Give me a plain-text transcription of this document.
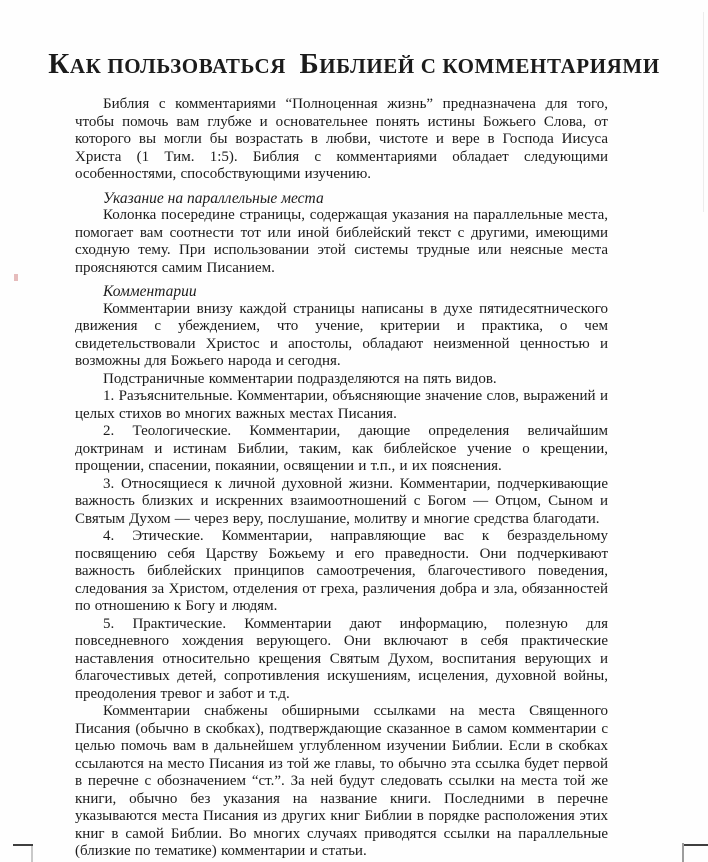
КАК ПОЛЬЗОВАТЬСЯ БИБЛИЕЙ С КОММЕНТАРИЯМИ

Библия с комментариями “Полноценная жизнь” предназначена для того, чтобы помочь вам глубже и основательнее понять истины Божьего Слова, от которого вы могли бы возрастать в любви, чистоте и вере в Господа Иисуса Христа (1 Тим. 1:5). Библия с комментариями обладает следующими особенностями, способствующими изучению.

Указание на параллельные места

Колонка посередине страницы, содержащая указания на параллельные места, помогает вам соотнести тот или иной библейский текст с другими, имеющими сходную тему. При использовании этой системы трудные или неясные места проясняются самим Писанием.

Комментарии

Комментарии внизу каждой страницы написаны в духе пятидесятнического движения с убеждением, что учение, критерии и практика, о чем свидетельствовали Христос и апостолы, обладают неизменной ценностью и возможны для Божьего народа и сегодня.

Подстраничные комментарии подразделяются на пять видов.

1. Разъяснительные. Комментарии, объясняющие значение слов, выражений и целых стихов во многих важных местах Писания.

2. Теологические. Комментарии, дающие определения величайшим доктринам и истинам Библии, таким, как библейское учение о крещении, прощении, спасении, покаянии, освящении и т.п., и их пояснения.

3. Относящиеся к личной духовной жизни. Комментарии, подчеркивающие важность близких и искренних взаимоотношений с Богом — Отцом, Сыном и Святым Духом — через веру, послушание, молитву и многие средства благодати.

4. Этические. Комментарии, направляющие вас к безраздельному посвящению себя Царству Божьему и его праведности. Они подчеркивают важность библейских принципов самоотречения, благочестивого поведения, следования за Христом, отделения от греха, различения добра и зла, обязанностей по отношению к Богу и людям.

5. Практические. Комментарии дают информацию, полезную для повседневного хождения верующего. Они включают в себя практические наставления относительно крещения Святым Духом, воспитания верующих и благочестивых детей, сопротивления искушениям, исцеления, духовной войны, преодоления тревог и забот и т.д.

Комментарии снабжены обширными ссылками на места Священного Писания (обычно в скобках), подтверждающие сказанное в самом комментарии с целью помочь вам в дальнейшем углубленном изучении Библии. Если в скобках ссылаются на место Писания из той же главы, то обычно эта ссылка будет первой в перечне с обозначением “ст.”. За ней будут следовать ссылки на места той же книги, обычно без указания на название книги. Последними в перечне указываются места Писания из других книг Библии в порядке расположения этих книг в самой Библии. Во многих случаях приводятся ссылки на параллельные (близкие по тематике) комментарии и статьи.
